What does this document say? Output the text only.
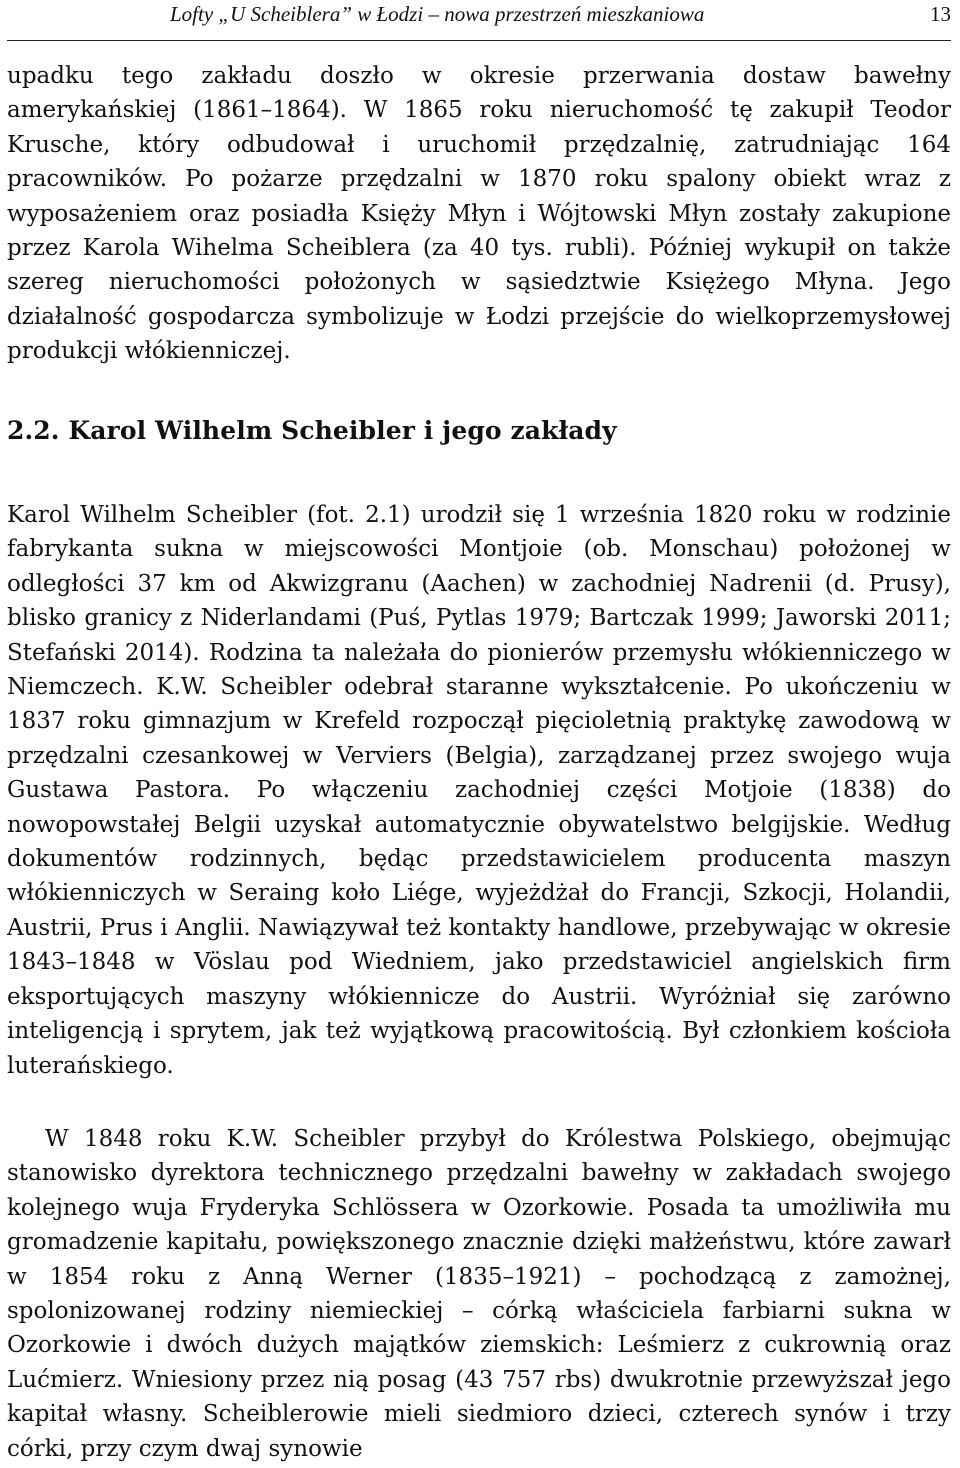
Lofty „U Scheiblera” w Łodzi – nowa przestrzeń mieszkaniowa	13

upadku tego zakładu doszło w okresie przerwania dostaw bawełny amerykańskiej (1861–1864). W 1865 roku nieruchomość tę zakupił Teodor Krusche, który odbudował i uruchomił przędzalnię, zatrudniając 164 pracowników. Po pożarze przędzalni w 1870 roku spalony obiekt wraz z wyposażeniem oraz posiadła Księży Młyn i Wójtowski Młyn zostały zakupione przez Karola Wihelma Scheiblera (za 40 tys. rubli). Później wykupił on także szereg nieruchomości położonych w sąsiedztwie Księżego Młyna. Jego działalność gospodarcza symbolizuje w Łodzi przejście do wielkoprzemysłowej produkcji włókienniczej.

2.2. Karol Wilhelm Scheibler i jego zakłady

Karol Wilhelm Scheibler (fot. 2.1) urodził się 1 września 1820 roku w rodzinie fabrykanta sukna w miejscowości Montjoie (ob. Monschau) położonej w odległości 37 km od Akwizgranu (Aachen) w zachodniej Nadrenii (d. Prusy), blisko granicy z Niderlandami (Puś, Pytlas 1979; Bartczak 1999; Jaworski 2011; Stefański 2014). Rodzina ta należała do pionierów przemysłu włókienniczego w Niemczech. K.W. Scheibler odebrał staranne wykształcenie. Po ukończeniu w 1837 roku gimnazjum w Krefeld rozpoczął pięcioletnią praktykę zawodową w przędzalni czesankowej w Verviers (Belgia), zarządzanej przez swojego wuja Gustawa Pastora. Po włączeniu zachodniej części Motjoie (1838) do nowopowstałej Belgii uzyskał automatycznie obywatelstwo belgijskie. Według dokumentów rodzinnych, będąc przedstawicielem producenta maszyn włókienniczych w Seraing koło Liége, wyjeżdżał do Francji, Szkocji, Holandii, Austrii, Prus i Anglii. Nawiązywał też kontakty handlowe, przebywając w okresie 1843–1848 w Vöslau pod Wiedniem, jako przedstawiciel angielskich firm eksportujących maszyny włókiennicze do Austrii. Wyróżniał się zarówno inteligencją i sprytem, jak też wyjątkową pracowitością. Był członkiem kościoła luterańskiego.

W 1848 roku K.W. Scheibler przybył do Królestwa Polskiego, obejmując stanowisko dyrektora technicznego przędzalni bawełny w zakładach swojego kolejnego wuja Fryderyka Schlössera w Ozorkowie. Posada ta umożliwiła mu gromadzenie kapitału, powiększonego znacznie dzięki małżeństwu, które zawarł w 1854 roku z Anną Werner (1835–1921) – pochodzącą z zamożnej, spolonizowanej rodziny niemieckiej – córką właściciela farbiarni sukna w Ozorkowie i dwóch dużych majątków ziemskich: Leśmierz z cukrownią oraz Lućmierz. Wniesiony przez nią posag (43 757 rbs) dwukrotnie przewyższał jego kapitał własny. Scheiblerowie mieli siedmioro dzieci, czterech synów i trzy córki, przy czym dwaj synowie
